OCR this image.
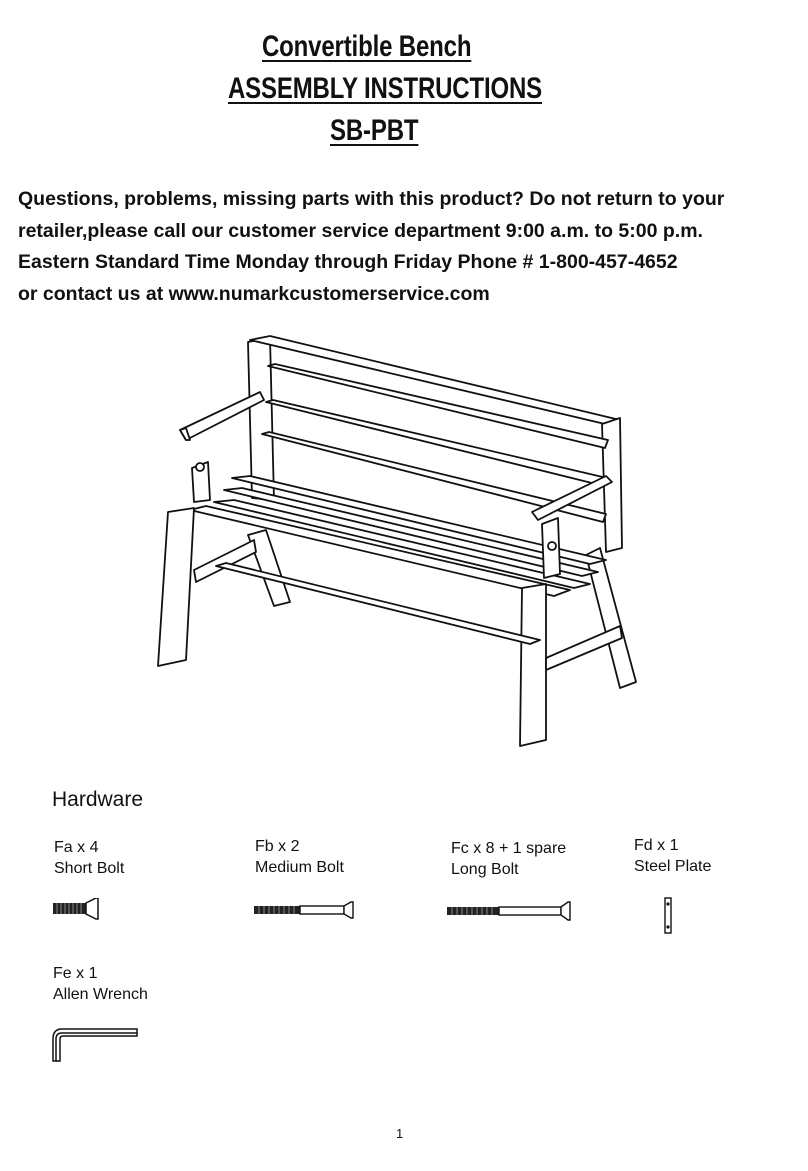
Convertible Bench
ASSEMBLY INSTRUCTIONS
SB-PBT

Questions, problems, missing parts with this product? Do not return to your
retailer,please call our customer service department 9:00 a.m. to 5:00 p.m.
Eastern Standard Time Monday through Friday Phone # 1-800-457-4652
or contact us at www.numarkcustomerservice.com

Hardware
Fa x 4
Short Bolt
Fb x 2
Medium Bolt
Fc x 8 + 1 spare
Long Bolt
Fd x 1
Steel Plate
Fe x 1
Allen Wrench
1
